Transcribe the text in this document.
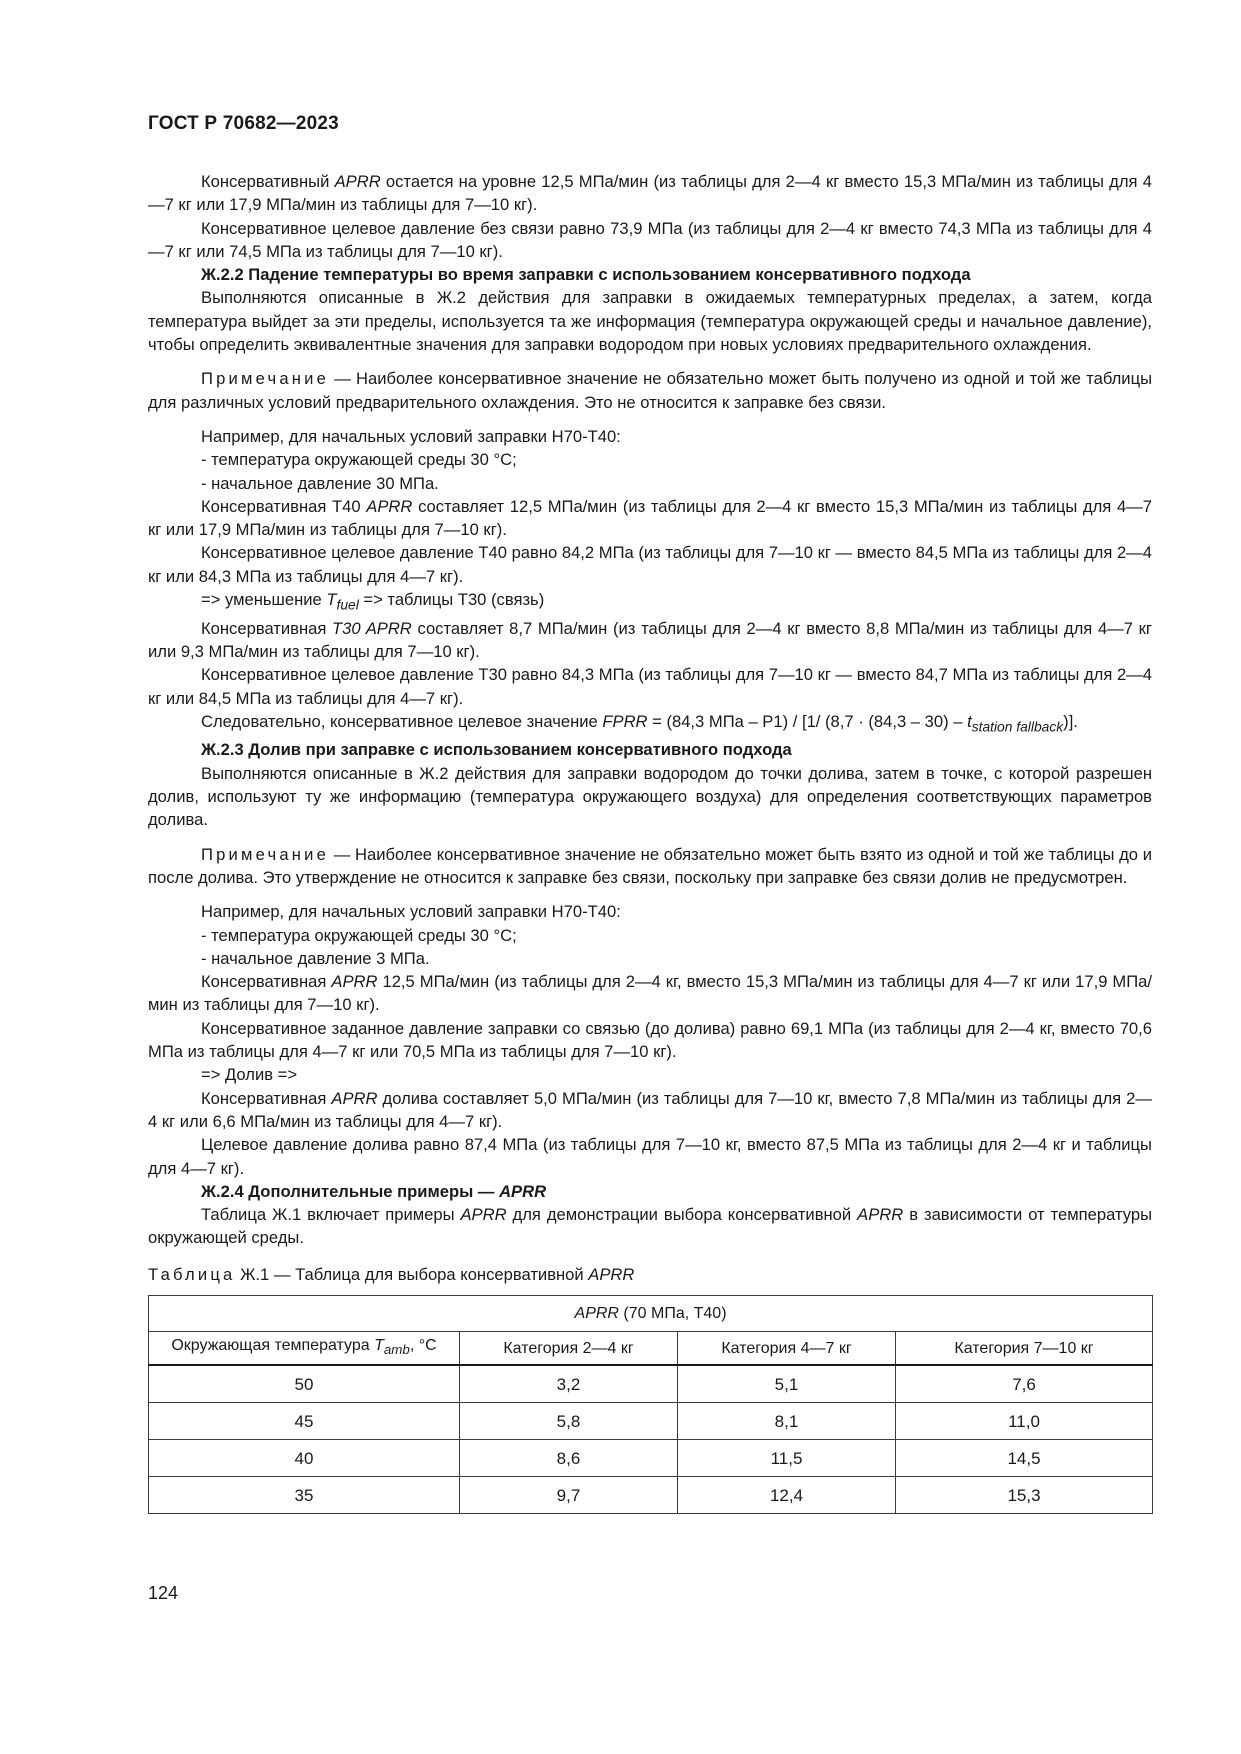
ГОСТ Р 70682—2023

Консервативный APRR остается на уровне 12,5 МПа/мин (из таблицы для 2—4 кг вместо 15,3 МПа/мин из таблицы для 4—7 кг или 17,9 МПа/мин из таблицы для 7—10 кг).

Консервативное целевое давление без связи равно 73,9 МПа (из таблицы для 2—4 кг вместо 74,3 МПа из таблицы для 4—7 кг или 74,5 МПа из таблицы для 7—10 кг).

Ж.2.2 Падение температуры во время заправки с использованием консервативного подхода

Выполняются описанные в Ж.2 действия для заправки в ожидаемых температурных пределах, а затем, когда температура выйдет за эти пределы, используется та же информация (температура окружающей среды и начальное давление), чтобы определить эквивалентные значения для заправки водородом при новых условиях предварительного охлаждения.

Примечание — Наиболее консервативное значение не обязательно может быть получено из одной и той же таблицы для различных условий предварительного охлаждения. Это не относится к заправке без связи.

Например, для начальных условий заправки H70-T40:

- температура окружающей среды 30 °С;

- начальное давление 30 МПа.

Консервативная Т40 APRR составляет 12,5 МПа/мин (из таблицы для 2—4 кг вместо 15,3 МПа/мин из таблицы для 4—7 кг или 17,9 МПа/мин из таблицы для 7—10 кг).

Консервативное целевое давление Т40 равно 84,2 МПа (из таблицы для 7—10 кг — вместо 84,5 МПа из таблицы для 2—4 кг или 84,3 МПа из таблицы для 4—7 кг).

=> уменьшение $T_{fuel}$ => таблицы Т30 (связь)

Консервативная T30 APRR составляет 8,7 МПа/мин (из таблицы для 2—4 кг вместо 8,8 МПа/мин из таблицы для 4—7 кг или 9,3 МПа/мин из таблицы для 7—10 кг).

Консервативное целевое давление Т30 равно 84,3 МПа (из таблицы для 7—10 кг — вместо 84,7 МПа из таблицы для 2—4 кг или 84,5 МПа из таблицы для 4—7 кг).

Следовательно, консервативное целевое значение FPRR = (84,3 МПа – Р1) / [1/ $(8,7 \cdot (84,3 - 30) - t_{station fallback})$].

Ж.2.3 Долив при заправке с использованием консервативного подхода

Выполняются описанные в Ж.2 действия для заправки водородом до точки долива, затем в точке, с которой разрешен долив, используют ту же информацию (температура окружающего воздуха) для определения соответствующих параметров долива.

Примечание — Наиболее консервативное значение не обязательно может быть взято из одной и той же таблицы до и после долива. Это утверждение не относится к заправке без связи, поскольку при заправке без связи долив не предусмотрен.

Например, для начальных условий заправки H70-T40:

- температура окружающей среды 30 °С;

- начальное давление 3 МПа.

Консервативная APRR 12,5 МПа/мин (из таблицы для 2—4 кг, вместо 15,3 МПа/мин из таблицы для 4—7 кг или 17,9 МПа/мин из таблицы для 7—10 кг).

Консервативное заданное давление заправки со связью (до долива) равно 69,1 МПа (из таблицы для 2—4 кг, вместо 70,6 МПа из таблицы для 4—7 кг или 70,5 МПа из таблицы для 7—10 кг).

=> Долив =>

Консервативная APRR долива составляет 5,0 МПа/мин (из таблицы для 7—10 кг, вместо 7,8 МПа/мин из таблицы для 2—4 кг или 6,6 МПа/мин из таблицы для 4—7 кг).

Целевое давление долива равно 87,4 МПа (из таблицы для 7—10 кг, вместо 87,5 МПа из таблицы для 2—4 кг и таблицы для 4—7 кг).

Ж.2.4 Дополнительные примеры — APRR

Таблица Ж.1 включает примеры APRR для демонстрации выбора консервативной APRR в зависимости от температуры окружающей среды.

Таблица Ж.1 — Таблица для выбора консервативной APRR

APRR (70 МПа, Т40)			
Окружающая температура $T_{amb}$, °С	Категория 2—4 кг	Категория 4—7 кг	Категория 7—10 кг
50	3,2	5,1	7,6
45	5,8	8,1	11,0
40	8,6	11,5	14,5
35	9,7	12,4	15,3
124
